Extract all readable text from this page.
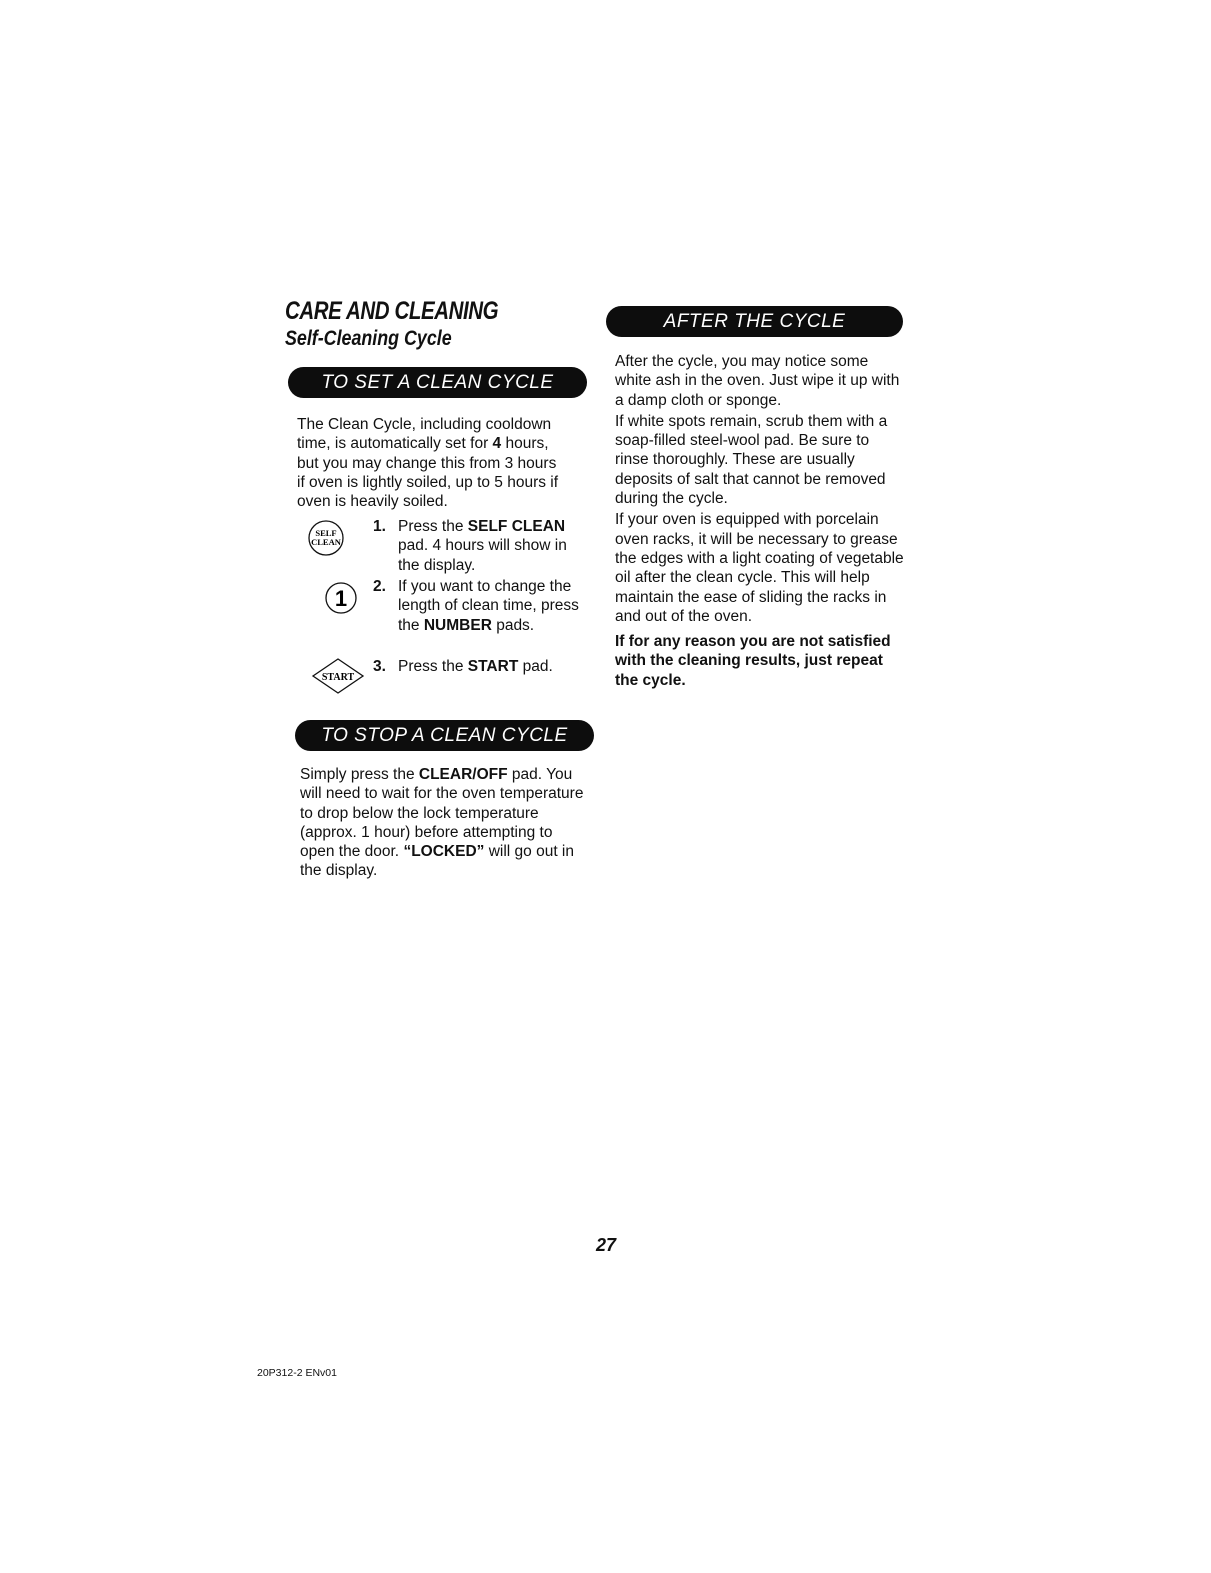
CARE AND CLEANING
Self-Cleaning Cycle
TO SET A CLEAN CYCLE
The Clean Cycle, including cooldown
time, is automatically set for 4 hours,
but you may change this from 3 hours
if oven is lightly soiled, up to 5 hours if
oven is heavily soiled.
SELF
CLEAN
1. Press the SELF CLEAN pad. 4 hours will show in the display.
1 2. If you want to change the length of clean time, press the NUMBER pads.
START
3. Press the START pad.
TO STOP A CLEAN CYCLE
Simply press the CLEAR/OFF pad. You will need to wait for the oven temperature to drop below the lock temperature (approx. 1 hour) before attempting to open the door. “LOCKED” will go out in the display.
AFTER THE CYCLE

After the cycle, you may notice some white ash in the oven. Just wipe it up with a damp cloth or sponge.

If white spots remain, scrub them with a soap-filled steel-wool pad. Be sure to rinse thoroughly. These are usually deposits of salt that cannot be removed during the cycle.

If your oven is equipped with porcelain oven racks, it will be necessary to grease the edges with a light coating of vegetable oil after the clean cycle. This will help maintain the ease of sliding the racks in and out of the oven.

If for any reason you are not satisfied with the cleaning results, just repeat the cycle.

27
20P312-2 ENv01
